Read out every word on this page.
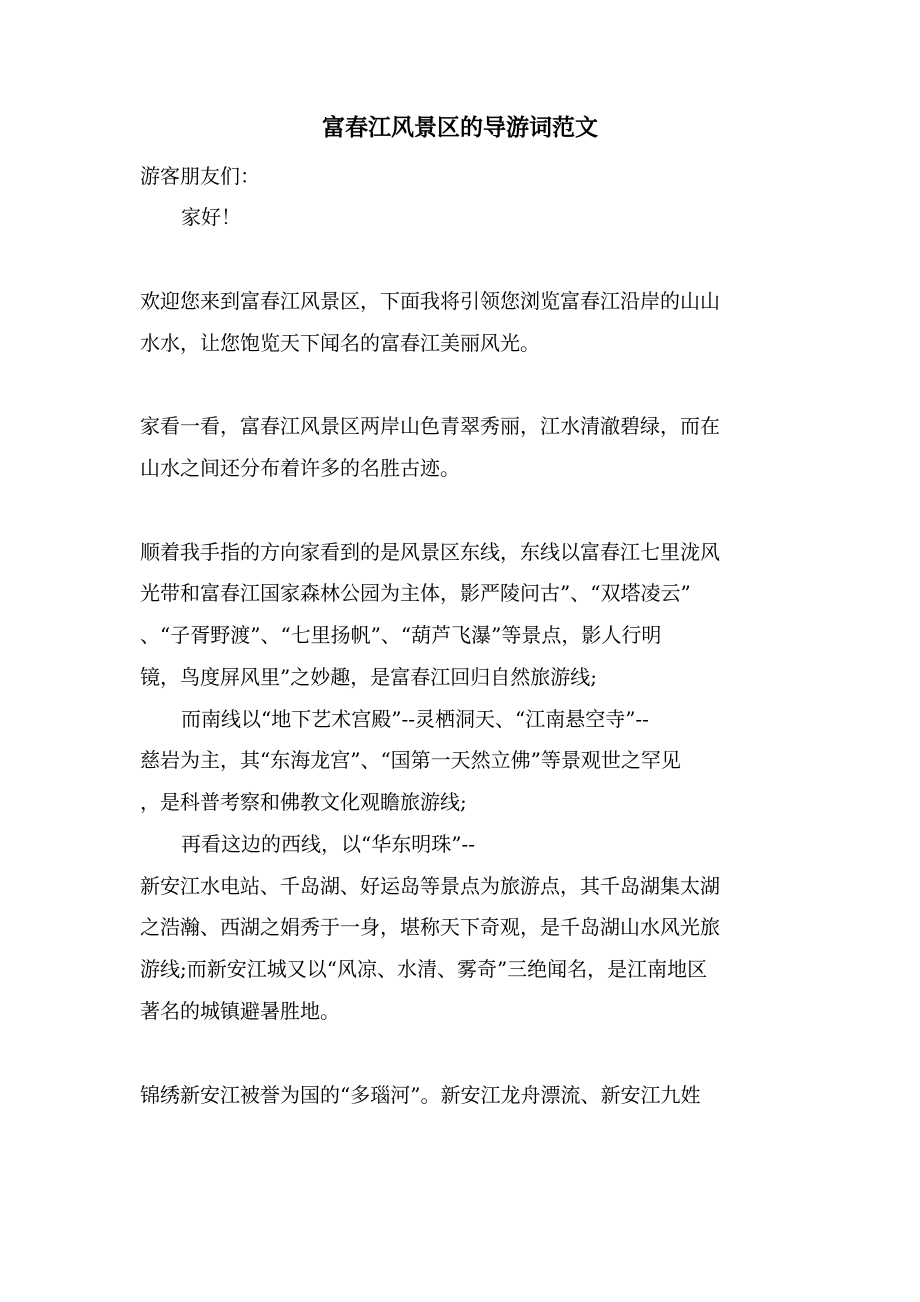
富春江风景区的导游词范文

游客朋友们：

家好！

欢迎您来到富春江风景区，下面我将引领您浏览富春江沿岸的山山

水水，让您饱览天下闻名的富春江美丽风光。

家看一看，富春江风景区两岸山色青翠秀丽，江水清澈碧绿，而在

山水之间还分布着许多的名胜古迹。

顺着我手指的方向家看到的是风景区东线，东线以富春江七里泷风

光带和富春江国家森林公园为主体，影严陵问古”、“双塔凌云”

、“子胥野渡”、“七里扬帆”、“葫芦飞瀑”等景点，影人行明

镜，鸟度屏风里”之妙趣，是富春江回归自然旅游线;

而南线以“地下艺术宫殿”--灵栖洞天、“江南悬空寺”--

慈岩为主，其“东海龙宫”、“国第一天然立佛”等景观世之罕见

，是科普考察和佛教文化观瞻旅游线;

再看这边的西线，以“华东明珠”--

新安江水电站、千岛湖、好运岛等景点为旅游点，其千岛湖集太湖

之浩瀚、西湖之娟秀于一身，堪称天下奇观，是千岛湖山水风光旅

游线;而新安江城又以“风凉、水清、雾奇”三绝闻名，是江南地区

著名的城镇避暑胜地。

锦绣新安江被誉为国的“多瑙河”。新安江龙舟漂流、新安江九姓
